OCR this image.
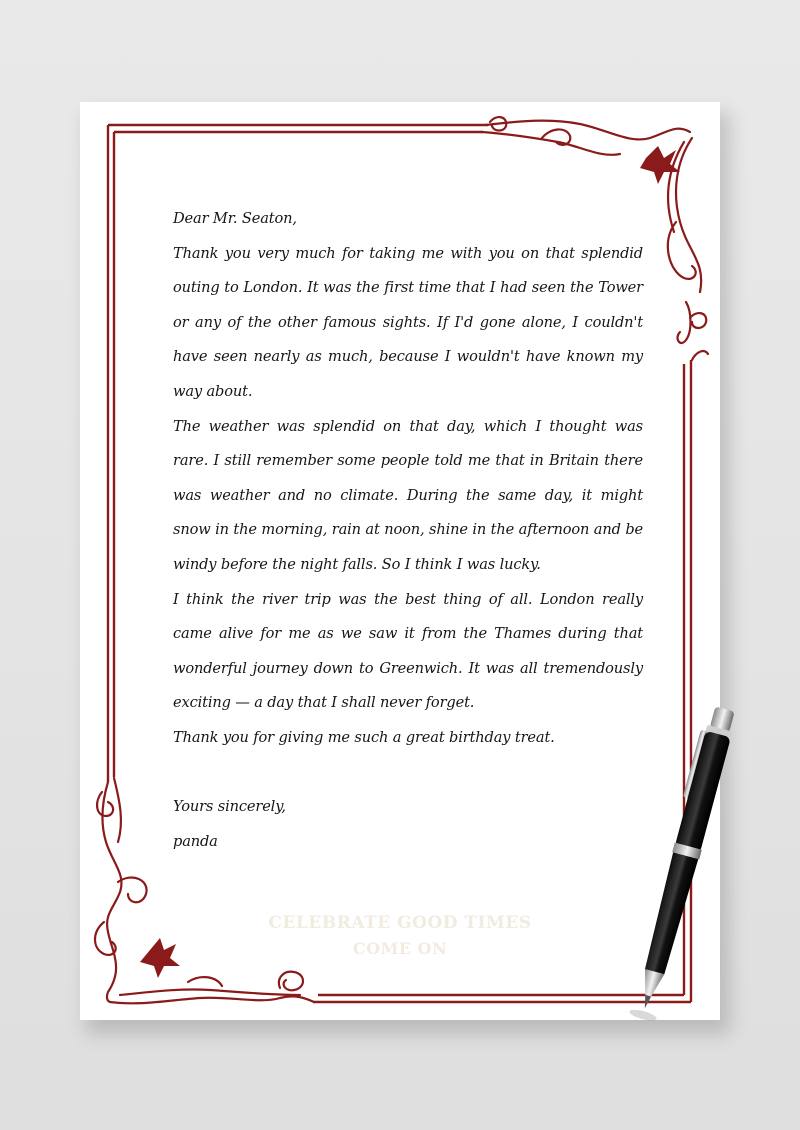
Dear Mr. Seaton,

Thank you very much for taking me with you on that splendid outing to London. It was the first time that I had seen the Tower or any of the other famous sights. If I'd gone alone, I couldn't have seen nearly as much, because I wouldn't have known my way about.

The weather was splendid on that day, which I thought was rare. I still remember some people told me that in Britain there was weather and no climate. During the same day, it might snow in the morning, rain at noon, shine in the afternoon and be windy before the night falls. So I think I was lucky.

I think the river trip was the best thing of all. London really came alive for me as we saw it from the Thames during that wonderful journey down to Greenwich. It was all tremendously exciting — a day that I shall never forget.

Thank you for giving me such a great birthday treat.

Yours sincerely,

panda

CELEBRATE GOOD TIMES
COME ON
